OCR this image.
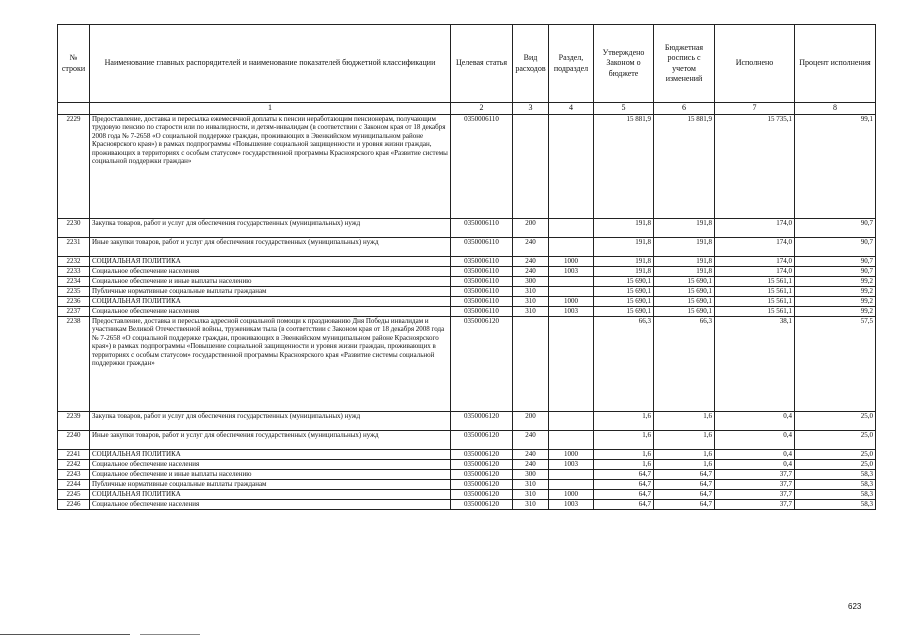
№ строки	Наименование главных распорядителей и наименование показателей бюджетной классификации	Целевая статья	Вид расходов	Раздел, подраздел	Утверждено Законом о бюджете	Бюджетная роспись с учетом изменений	Исполнено	Процент исполнения
	1	2	3	4	5	6	7	8
2229	Предоставление, доставка и пересылка ежемесячной доплаты к пенсии неработающим пенсионерам, получающим трудовую пенсию по старости или по инвалидности, и детям-инвалидам (в соответствии с Законом края от 18 декабря 2008 года № 7-2658 «О социальной поддержке граждан, проживающих в Эвенкийском муниципальном районе Красноярского края») в рамках подпрограммы «Повышение социальной защищенности и уровня жизни граждан, проживающих в территориях с особым статусом» государственной программы Красноярского края «Развитие системы социальной поддержки граждан»	0350006110			15 881,9	15 881,9	15 735,1	99,1
2230	Закупка товаров, работ и услуг для обеспечения государственных (муниципальных) нужд	0350006110	200		191,8	191,8	174,0	90,7
2231	Иные закупки товаров, работ и услуг для обеспечения государственных (муниципальных) нужд	0350006110	240		191,8	191,8	174,0	90,7
2232	СОЦИАЛЬНАЯ ПОЛИТИКА	0350006110	240	1000	191,8	191,8	174,0	90,7
2233	Социальное обеспечение населения	0350006110	240	1003	191,8	191,8	174,0	90,7
2234	Социальное обеспечение и иные выплаты населению	0350006110	300		15 690,1	15 690,1	15 561,1	99,2
2235	Публичные нормативные социальные выплаты гражданам	0350006110	310		15 690,1	15 690,1	15 561,1	99,2
2236	СОЦИАЛЬНАЯ ПОЛИТИКА	0350006110	310	1000	15 690,1	15 690,1	15 561,1	99,2
2237	Социальное обеспечение населения	0350006110	310	1003	15 690,1	15 690,1	15 561,1	99,2
2238	Предоставление, доставка и пересылка адресной социальной помощи к празднованию Дня Победы инвалидам и участникам Великой Отечественной войны, труженикам тыла (в соответствии с Законом края от 18 декабря 2008 года № 7-2658 «О социальной поддержке граждан, проживающих в Эвенкийском муниципальном районе Красноярского края») в рамках подпрограммы «Повышение социальной защищенности и уровня жизни граждан, проживающих в территориях с особым статусом» государственной программы Красноярского края «Развитие системы социальной поддержки граждан»	0350006120			66,3	66,3	38,1	57,5
2239	Закупка товаров, работ и услуг для обеспечения государственных (муниципальных) нужд	0350006120	200		1,6	1,6	0,4	25,0
2240	Иные закупки товаров, работ и услуг для обеспечения государственных (муниципальных) нужд	0350006120	240		1,6	1,6	0,4	25,0
2241	СОЦИАЛЬНАЯ ПОЛИТИКА	0350006120	240	1000	1,6	1,6	0,4	25,0
2242	Социальное обеспечение населения	0350006120	240	1003	1,6	1,6	0,4	25,0
2243	Социальное обеспечение и иные выплаты населению	0350006120	300		64,7	64,7	37,7	58,3
2244	Публичные нормативные социальные выплаты гражданам	0350006120	310		64,7	64,7	37,7	58,3
2245	СОЦИАЛЬНАЯ ПОЛИТИКА	0350006120	310	1000	64,7	64,7	37,7	58,3
2246	Социальное обеспечение населения	0350006120	310	1003	64,7	64,7	37,7	58,3
623
